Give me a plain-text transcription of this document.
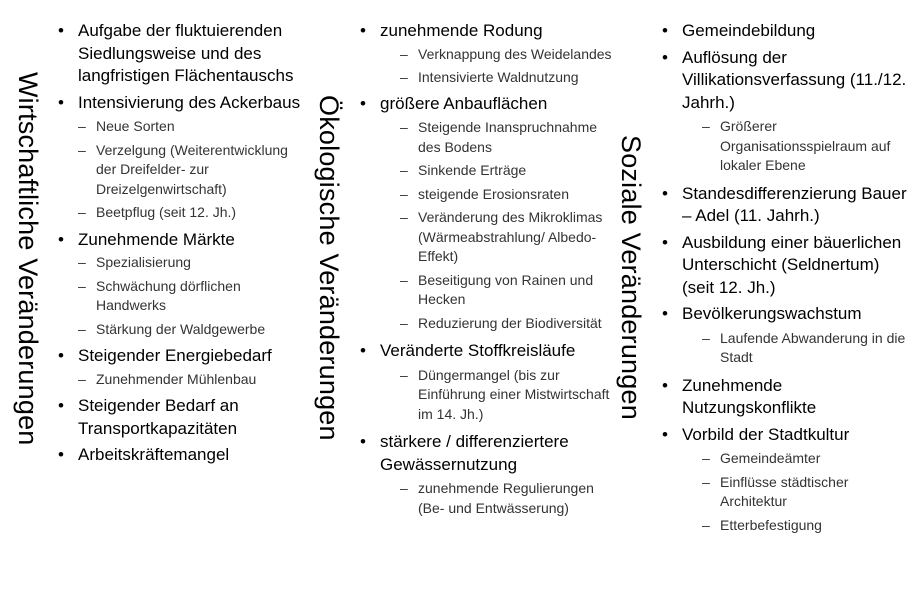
Wirtschaftliche Veränderungen
• Aufgabe der fluktuierenden Siedlungsweise und des langfristigen Flächentauschs
• Intensivierung des Ackerbaus
– Neue Sorten
– Verzelgung (Weiterentwicklung der Dreifelder- zur Dreizelgenwirtschaft)
– Beetpflug (seit 12. Jh.)
• Zunehmende Märkte
– Spezialisierung
– Schwächung dörflichen Handwerks
– Stärkung der Waldgewerbe
• Steigender Energiebedarf
– Zunehmender Mühlenbau
• Steigender Bedarf an Transportkapazitäten
• Arbeitskräftemangel
Ökologische Veränderungen
• zunehmende Rodung
– Verknappung des Weidelandes
– Intensivierte Waldnutzung
• größere Anbauflächen
– Steigende Inanspruchnahme des Bodens
– Sinkende Erträge
– steigende Erosionsraten
– Veränderung des Mikroklimas (Wärmeabstrahlung/ Albedo-Effekt)
– Beseitigung von Rainen und Hecken
– Reduzierung der Biodiversität
• Veränderte Stoffkreisläufe
– Düngermangel (bis zur Einführung einer Mistwirtschaft im 14. Jh.)
• stärkere / differenziertere Gewässernutzung
– zunehmende Regulierungen (Be- und Entwässerung)
Soziale Veränderungen
• Gemeindebildung
• Auflösung der Villikationsverfassung (11./12. Jahrh.)
– Größerer Organisationsspielraum auf lokaler Ebene
• Standesdifferenzierung Bauer – Adel (11. Jahrh.)
• Ausbildung einer bäuerlichen Unterschicht (Seldnertum) (seit 12. Jh.)
• Bevölkerungswachstum
– Laufende Abwanderung in die Stadt
• Zunehmende Nutzungskonflikte
• Vorbild der Stadtkultur
– Gemeindeämter
– Einflüsse städtischer Architektur
– Etterbefestigung
